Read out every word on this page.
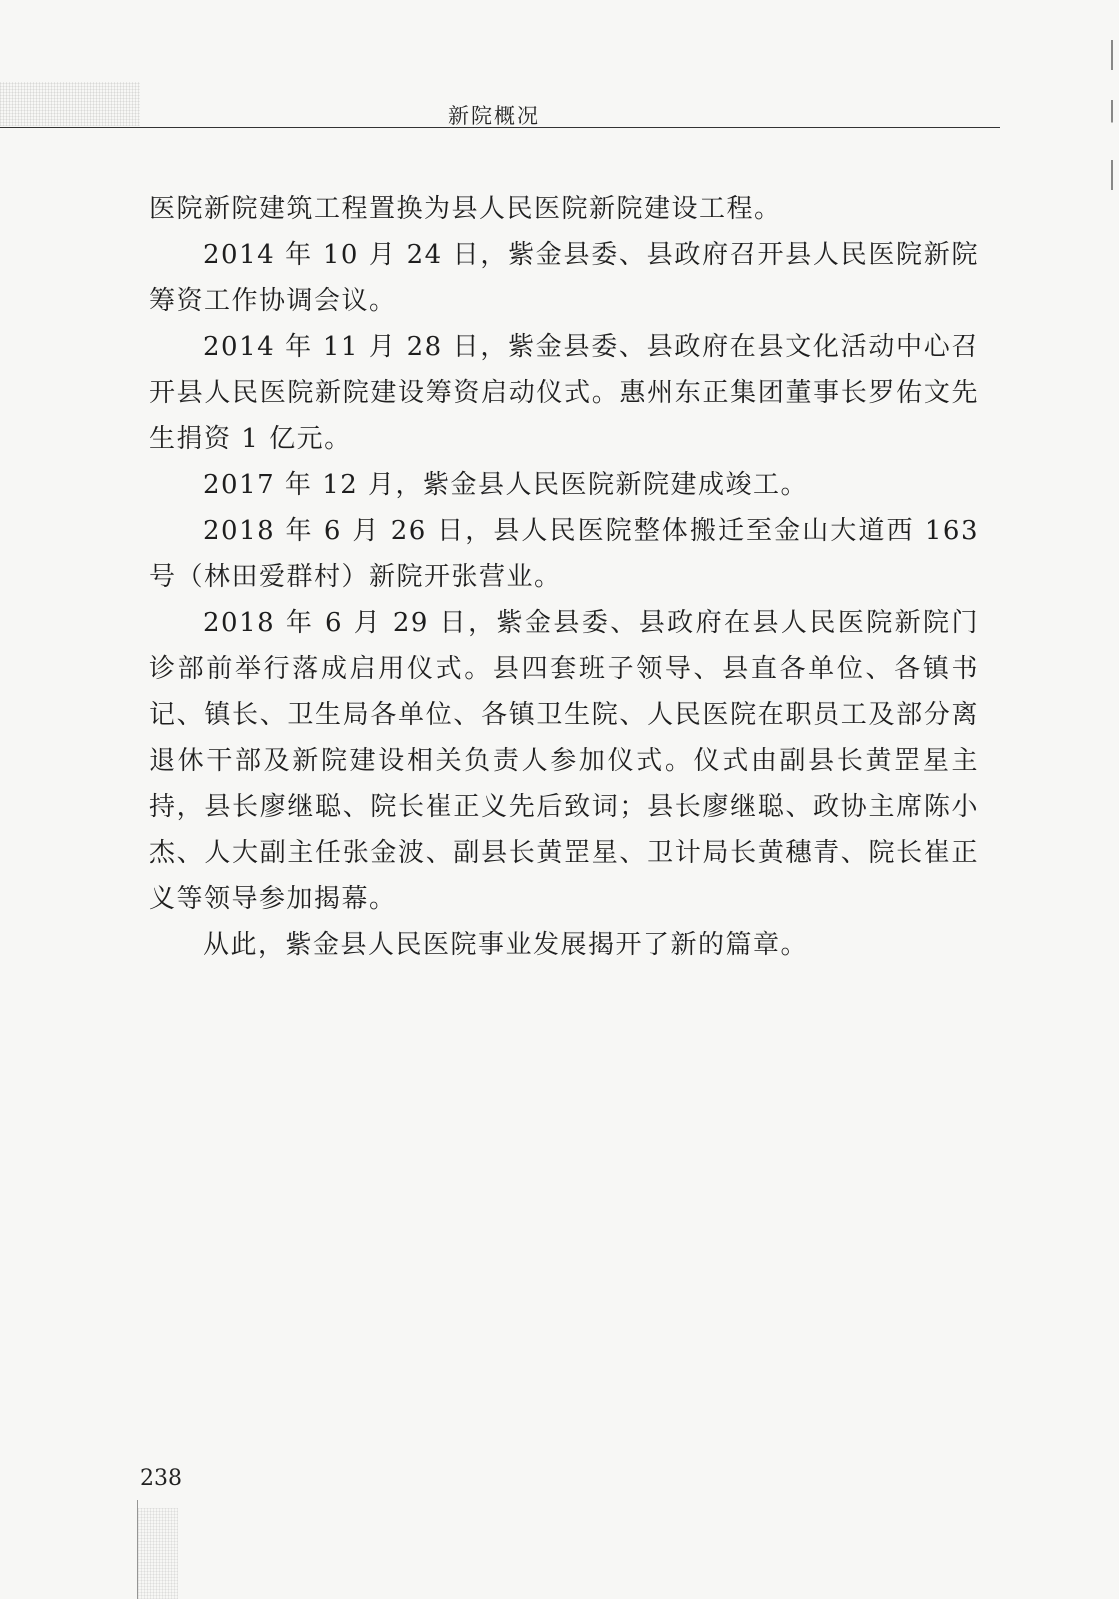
新院概况

医院新院建筑工程置换为县人民医院新院建设工程。

2014 年 10 月 24 日，紫金县委、县政府召开县人民医院新院筹资工作协调会议。

2014 年 11 月 28 日，紫金县委、县政府在县文化活动中心召开县人民医院新院建设筹资启动仪式。惠州东正集团董事长罗佑文先生捐资 1 亿元。

2017 年 12 月，紫金县人民医院新院建成竣工。

2018 年 6 月 26 日，县人民医院整体搬迁至金山大道西 163 号（林田爱群村）新院开张营业。

2018 年 6 月 29 日，紫金县委、县政府在县人民医院新院门诊部前举行落成启用仪式。县四套班子领导、县直各单位、各镇书记、镇长、卫生局各单位、各镇卫生院、人民医院在职员工及部分离退休干部及新院建设相关负责人参加仪式。仪式由副县长黄罡星主持，县长廖继聪、院长崔正义先后致词；县长廖继聪、政协主席陈小杰、人大副主任张金波、副县长黄罡星、卫计局长黄穗青、院长崔正义等领导参加揭幕。

从此，紫金县人民医院事业发展揭开了新的篇章。

238
